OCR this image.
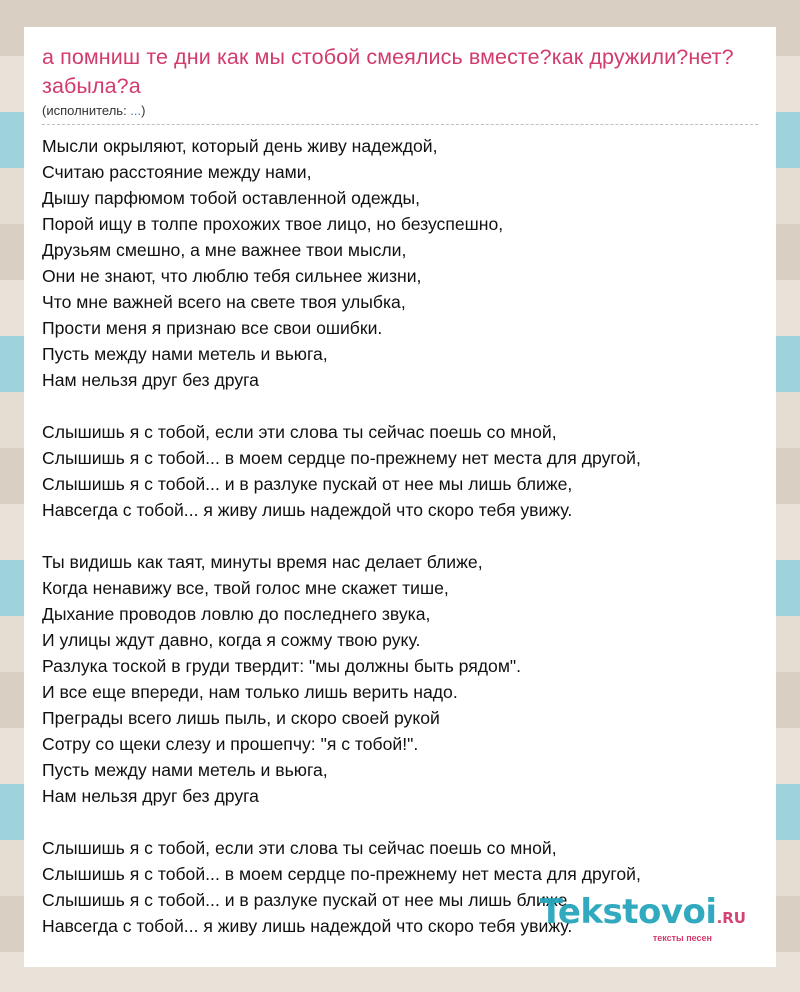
а помниш те дни как мы стобой смеялись вместе?как дружили?нет?забыла?а
(исполнитель: ...)
Мысли окрыляют, который день живу надеждой,
Считаю расстояние между нами,
Дышу парфюмом тобой оставленной одежды,
Порой ищу в толпе прохожих твое лицо, но безуспешно,
Друзьям смешно, а мне важнее твои мысли,
Они не знают, что люблю тебя сильнее жизни,
Что мне важней всего на свете твоя улыбка,
Прости меня я признаю все свои ошибки.
Пусть между нами метель и вьюга,
Нам нельзя друг без друга
Слышишь я с тобой, если эти слова ты сейчас поешь со мной,
Слышишь я с тобой... в моем сердце по-прежнему нет места для другой,
Слышишь я с тобой... и в разлуке пускай от нее мы лишь ближе,
Навсегда с тобой... я живу лишь надеждой что скоро тебя увижу.
Ты видишь как таят, минуты время нас делает ближе,
Когда ненавижу все, твой голос мне скажет тише,
Дыхание проводов ловлю до последнего звука,
И улицы ждут давно, когда я сожму твою руку.
Разлука тоской в груди твердит: "мы должны быть рядом".
И все еще впереди, нам только лишь верить надо.
Преграды всего лишь пыль, и скоро своей рукой
Сотру со щеки слезу и прошепчу: "я с тобой!".
Пусть между нами метель и вьюга,
Нам нельзя друг без друга
Слышишь я с тобой, если эти слова ты сейчас поешь со мной,
Слышишь я с тобой... в моем сердце по-прежнему нет места для другой,
Слышишь я с тобой... и в разлуке пускай от нее мы лишь ближе,
Навсегда с тобой... я живу лишь надеждой что скоро тебя увижу.
Tekstovoi.RU
тексты песен
